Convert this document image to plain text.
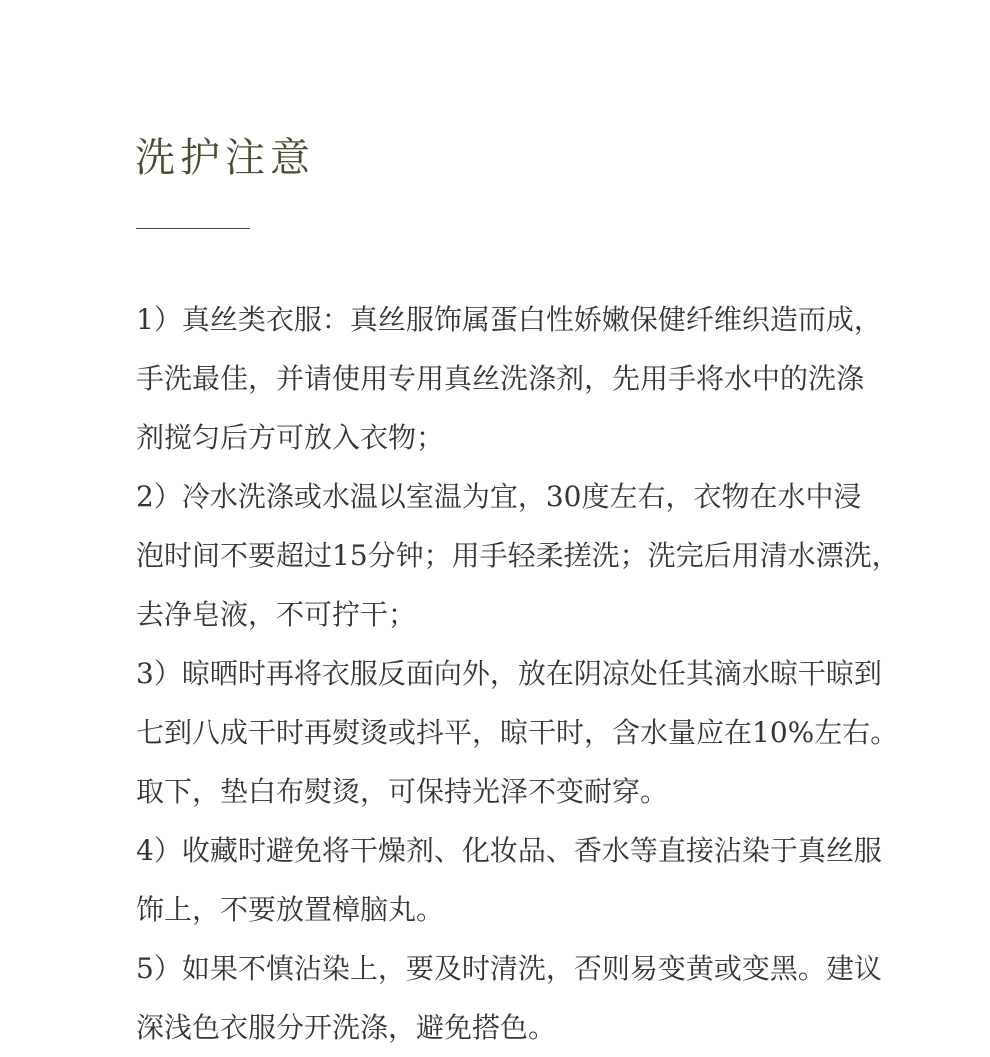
洗护注意
1）真丝类衣服：真丝服饰属蛋白性娇嫩保健纤维织造而成，
手洗最佳，并请使用专用真丝洗涤剂，先用手将水中的洗涤
剂搅匀后方可放入衣物；
2）冷水洗涤或水温以室温为宜，30度左右，衣物在水中浸
泡时间不要超过15分钟；用手轻柔搓洗；洗完后用清水漂洗，
去净皂液，不可拧干；
3）晾晒时再将衣服反面向外，放在阴凉处任其滴水晾干晾到
七到八成干时再熨烫或抖平，晾干时，含水量应在10%左右。
取下，垫白布熨烫，可保持光泽不变耐穿。
4）收藏时避免将干燥剂、化妆品、香水等直接沾染于真丝服
饰上，不要放置樟脑丸。
5）如果不慎沾染上，要及时清洗，否则易变黄或变黑。建议
深浅色衣服分开洗涤，避免搭色。
